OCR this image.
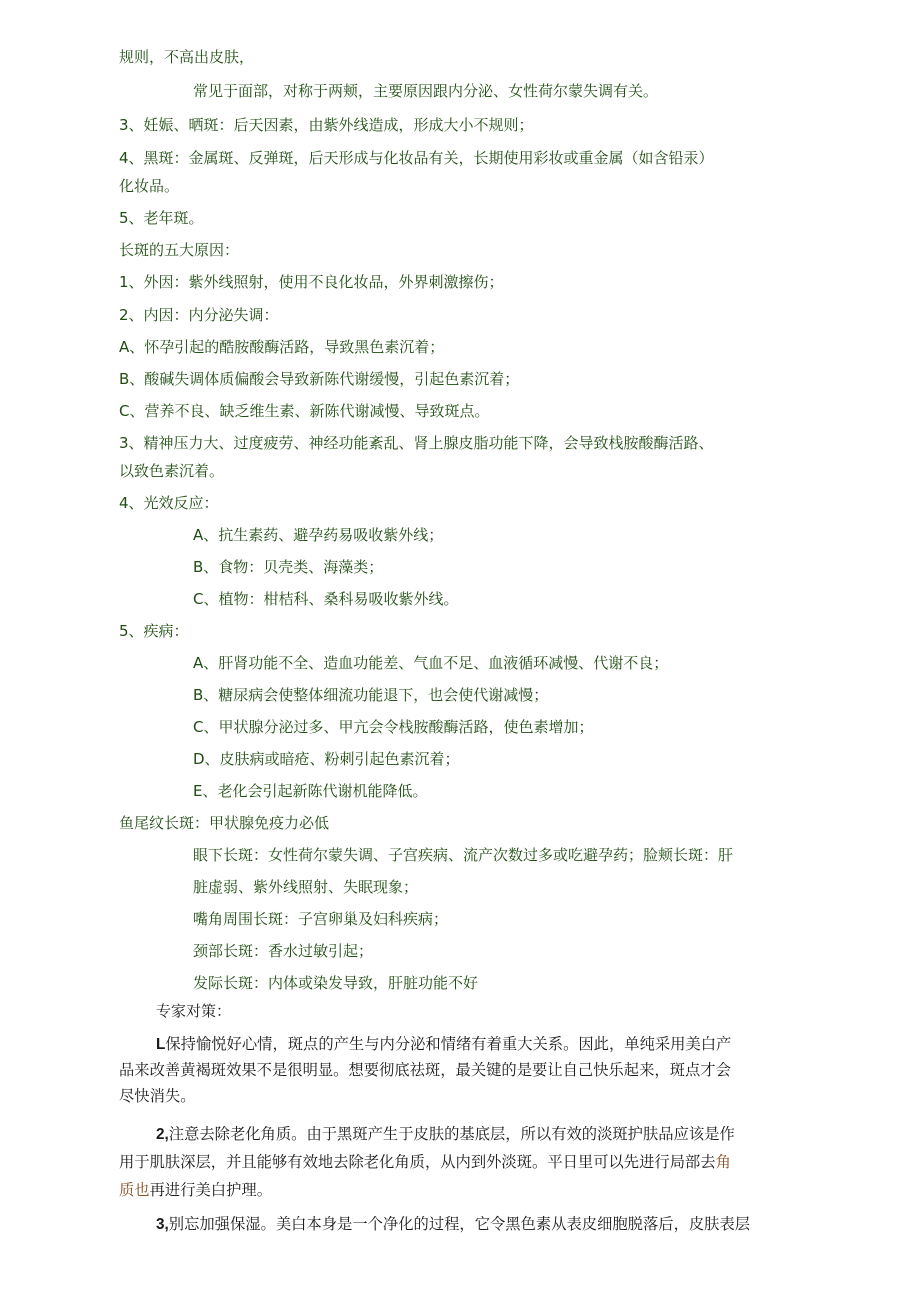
规则，不高出皮肤，
常见于面部，对称于两颊，主要原因跟内分泌、女性荷尔蒙失调有关。
3、妊娠、晒斑：后天因素，由紫外线造成，形成大小不规则；
4、黑斑：金属斑、反弹斑，后天形成与化妆品有关，长期使用彩妆或重金属（如含铅汞）
化妆品。
5、老年斑。
长斑的五大原因：
1、外因：紫外线照射，使用不良化妆品，外界刺激擦伤；
2、内因：内分泌失调：
A、怀孕引起的酷胺酸酶活路，导致黑色素沉着；
B、酸碱失调体质偏酸会导致新陈代谢缓慢，引起色素沉着；
C、营养不良、缺乏维生素、新陈代谢减慢、导致斑点。
3、精神压力大、过度疲劳、神经功能紊乱、肾上腺皮脂功能下降，会导致栈胺酸酶活路、
以致色素沉着。
4、光效反应：
A、抗生素药、避孕药易吸收紫外线；
B、食物：贝壳类、海藻类；
C、植物：柑桔科、桑科易吸收紫外线。
5、疾病：
A、肝肾功能不全、造血功能差、气血不足、血液循环减慢、代谢不良；
B、糖尿病会使整体细流功能退下，也会使代谢减慢；
C、甲状腺分泌过多、甲亢会令栈胺酸酶活路，使色素增加；
D、皮肤病或暗疮、粉刺引起色素沉着；
E、老化会引起新陈代谢机能降低。
鱼尾纹长斑：甲状腺免疫力必低
眼下长斑：女性荷尔蒙失调、子宫疾病、流产次数过多或吃避孕药；脸颊长斑：肝
脏虚弱、紫外线照射、失眠现象；
嘴角周围长斑：子宫卵巢及妇科疾病；
颈部长斑：香水过敏引起；
发际长斑：内体或染发导致，肝脏功能不好
专家对策：
L保持愉悦好心情，斑点的产生与内分泌和情绪有着重大关系。因此，单纯采用美白产
品来改善黄褐斑效果不是很明显。想要彻底祛斑，最关键的是要让自己快乐起来，斑点才会
尽快消失。
2,注意去除老化角质。由于黑斑产生于皮肤的基底层，所以有效的淡斑护肤品应该是作
用于肌肤深层，并且能够有效地去除老化角质，从内到外淡斑。平日里可以先进行局部去角
质也再进行美白护理。
3,别忘加强保湿。美白本身是一个净化的过程，它令黑色素从表皮细胞脱落后，皮肤表层
